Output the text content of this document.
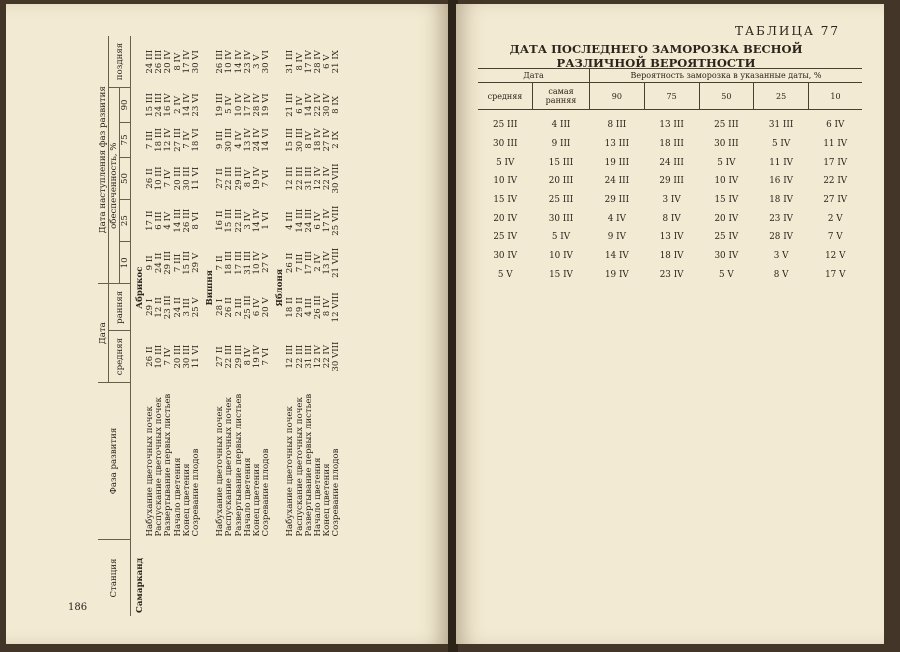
Станция	Фаза развития	Дата		Дата наступления фаз развития					
		средняя	ранняя	обеспеченность, %					поздняя
				10	25	50	75	90	
Самарканд	Абрикос								
	Набухание цветочных почек	26 II	29 I	9 II	17 II	26 II	7 III	15 III	24 III
	Распускание цветочных почек	10 III	12 II	24 II	6 III	10 III	18 III	24 III	26 III
	Развертывание первых листьев	7 IV	23 III	29 III	4 IV	7 IV	12 IV	16 IV	20 IV
	Начало цветения	20 III	24 II	7 III	14 III	20 III	27 III	2 IV	8 IV
	Конец цветения	30 III	3 III	15 III	26 III	30 III	7 IV	14 IV	17 IV
	Созревание плодов	11 VI	25 V	29 V	8 VI	11 VI	18 VI	23 VI	30 VI
	Вишня								
	Набухание цветочных почек	27 II	28 I	7 II	16 II	27 II	9 III	19 III	26 III
	Распускание цветочных почек	22 III	26 II	18 III	15 III	22 III	30 III	5 IV	10 IV
	Развертывание первых листьев	29 III	2 III	17 III	22 III	29 III	4 IV	10 IV	14 IV
	Начало цветения	8 IV	25 III	31 III	3 IV	8 IV	13 IV	17 IV	23 IV
	Конец цветения	19 IV	6 IV	10 IV	14 IV	19 IV	24 IV	28 IV	3 V
	Созревание плодов	7 VI	20 V	27 V	1 VI	7 VI	14 VI	19 VI	30 VI
	Яблоня								
	Набухание цветочных почек	12 III	18 II	26 II	4 III	12 III	15 III	21 III	31 III
	Распускание цветочных почек	22 III	29 II	7 III	14 III	22 III	30 III	6 IV	8 IV
	Развертывание первых листьев	31 III	4 III	17 III	24 III	31 III	8 IV	14 IV	17 IV
	Начало цветения	12 IV	26 III	2 IV	6 IV	12 IV	18 IV	22 IV	28 IV
	Конец цветения	22 IV	8 IV	13 IV	17 IV	22 IV	27 IV	30 IV	6 V
	Созревание плодов	30 VIII	12 VIII	21 VIII	25 VIII	30 VIII	2 IX	8 IX	21 IX
186
ТАБЛИЦА 77
ДАТА ПОСЛЕДНЕГО ЗАМОРОЗКА ВЕСНОЙ
РАЗЛИЧНОЙ ВЕРОЯТНОСТИ
Дата		Вероятность заморозка в указанные даты, %				
средняя	самая ранняя	90	75	50	25	10
25 III	4 III	8 III	13 III	25 III	31 III	6 IV
30 III	9 III	13 III	18 III	30 III	5 IV	11 IV
5 IV	15 III	19 III	24 III	5 IV	11 IV	17 IV
10 IV	20 III	24 III	29 III	10 IV	16 IV	22 IV
15 IV	25 III	29 III	3 IV	15 IV	18 IV	27 IV
20 IV	30 III	4 IV	8 IV	20 IV	23 IV	2 V
25 IV	5 IV	9 IV	13 IV	25 IV	28 IV	7 V
30 IV	10 IV	14 IV	18 IV	30 IV	3 V	12 V
5 V	15 IV	19 IV	23 IV	5 V	8 V	17 V
